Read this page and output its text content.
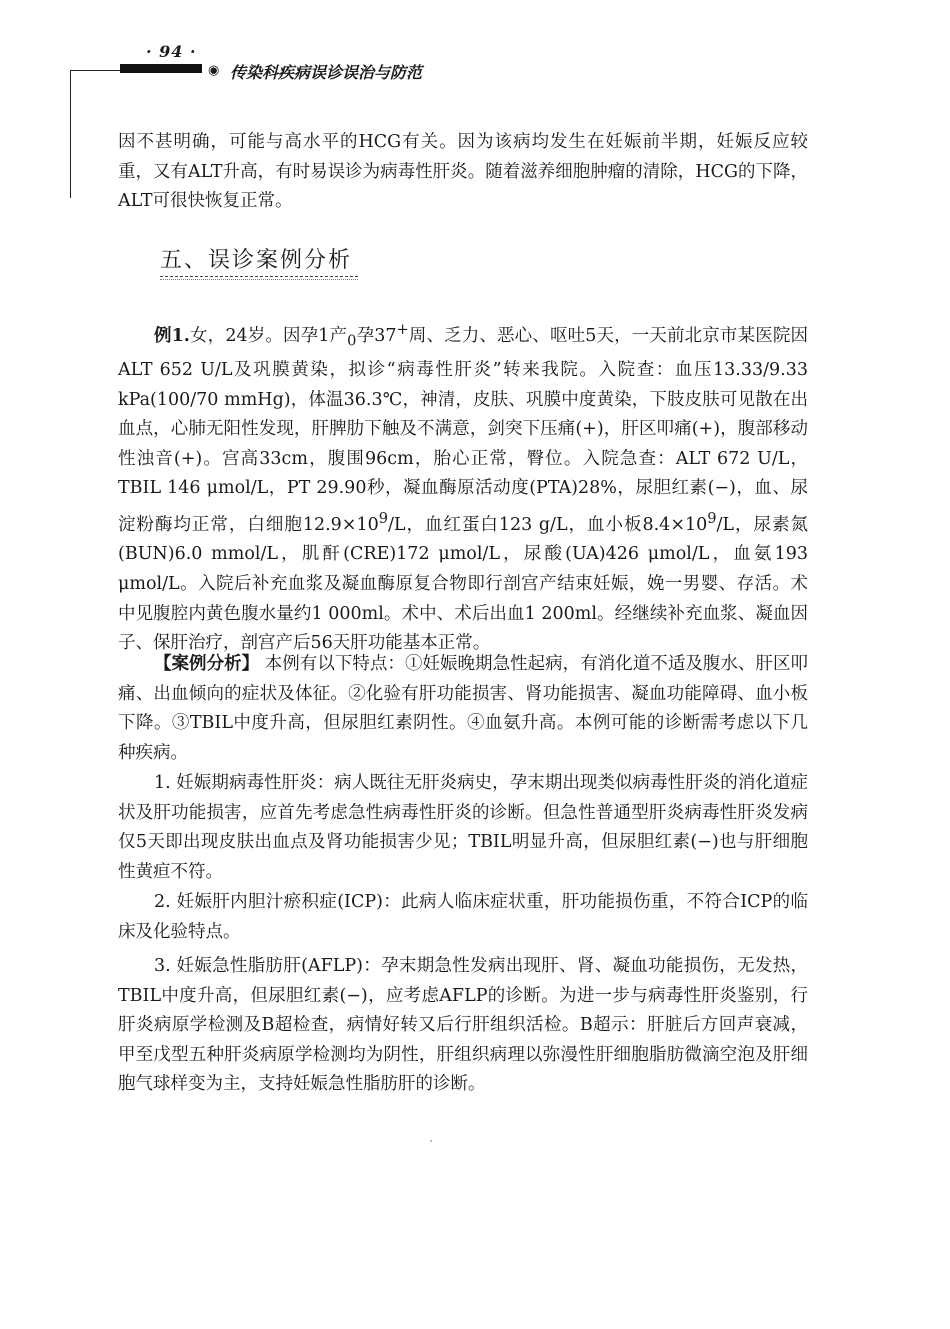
· 94 ·
◉ 传染科疾病误诊误治与防范

因不甚明确，可能与高水平的HCG有关。因为该病均发生在妊娠前半期，妊娠反应较重，又有ALT升高，有时易误诊为病毒性肝炎。随着滋养细胞肿瘤的清除，HCG的下降，ALT可很快恢复正常。

五、误诊案例分析

例1.女，24岁。因孕1产$_0$孕37+周、乏力、恶心、呕吐5天，一天前北京市某医院因ALT 652 U/L及巩膜黄染，拟诊“病毒性肝炎”转来我院。入院查：血压13.33/9.33 kPa(100/70 mmHg)，体温36.3℃，神清，皮肤、巩膜中度黄染，下肢皮肤可见散在出血点，心肺无阳性发现，肝脾肋下触及不满意，剑突下压痛(+)，肝区叩痛(+)，腹部移动性浊音(+)。宫高33cm，腹围96cm，胎心正常，臀位。入院急查：ALT 672 U/L，TBIL 146 μmol/L，PT 29.90秒，凝血酶原活动度(PTA)28%，尿胆红素(−)，血、尿淀粉酶均正常，白细胞$12.9\times 10^9/L$，血红蛋白123 g/L，血小板$8.4\times 10^9/L$，尿素氮(BUN)6.0 mmol/L，肌酐(CRE)172 μmol/L，尿酸(UA)426 μmol/L，血氨193 μmol/L。入院后补充血浆及凝血酶原复合物即行剖宫产结束妊娠，娩一男婴、存活。术中见腹腔内黄色腹水量约1 000ml。术中、术后出血1 200ml。经继续补充血浆、凝血因子、保肝治疗，剖宫产后56天肝功能基本正常。

【案例分析】 本例有以下特点：①妊娠晚期急性起病，有消化道不适及腹水、肝区叩痛、出血倾向的症状及体征。②化验有肝功能损害、肾功能损害、凝血功能障碍、血小板下降。③TBIL中度升高，但尿胆红素阴性。④血氨升高。本例可能的诊断需考虑以下几种疾病。

1. 妊娠期病毒性肝炎：病人既往无肝炎病史，孕末期出现类似病毒性肝炎的消化道症状及肝功能损害，应首先考虑急性病毒性肝炎的诊断。但急性普通型肝炎病毒性肝炎发病仅5天即出现皮肤出血点及肾功能损害少见；TBIL明显升高，但尿胆红素(−)也与肝细胞性黄疸不符。

2. 妊娠肝内胆汁瘀积症(ICP)：此病人临床症状重，肝功能损伤重，不符合ICP的临床及化验特点。

3. 妊娠急性脂肪肝(AFLP)：孕末期急性发病出现肝、肾、凝血功能损伤，无发热，TBIL中度升高，但尿胆红素(−)，应考虑AFLP的诊断。为进一步与病毒性肝炎鉴别，行肝炎病原学检测及B超检查，病情好转又后行肝组织活检。B超示：肝脏后方回声衰减，甲至戊型五种肝炎病原学检测均为阴性，肝组织病理以弥漫性肝细胞脂肪微滴空泡及肝细胞气球样变为主，支持妊娠急性脂肪肝的诊断。
